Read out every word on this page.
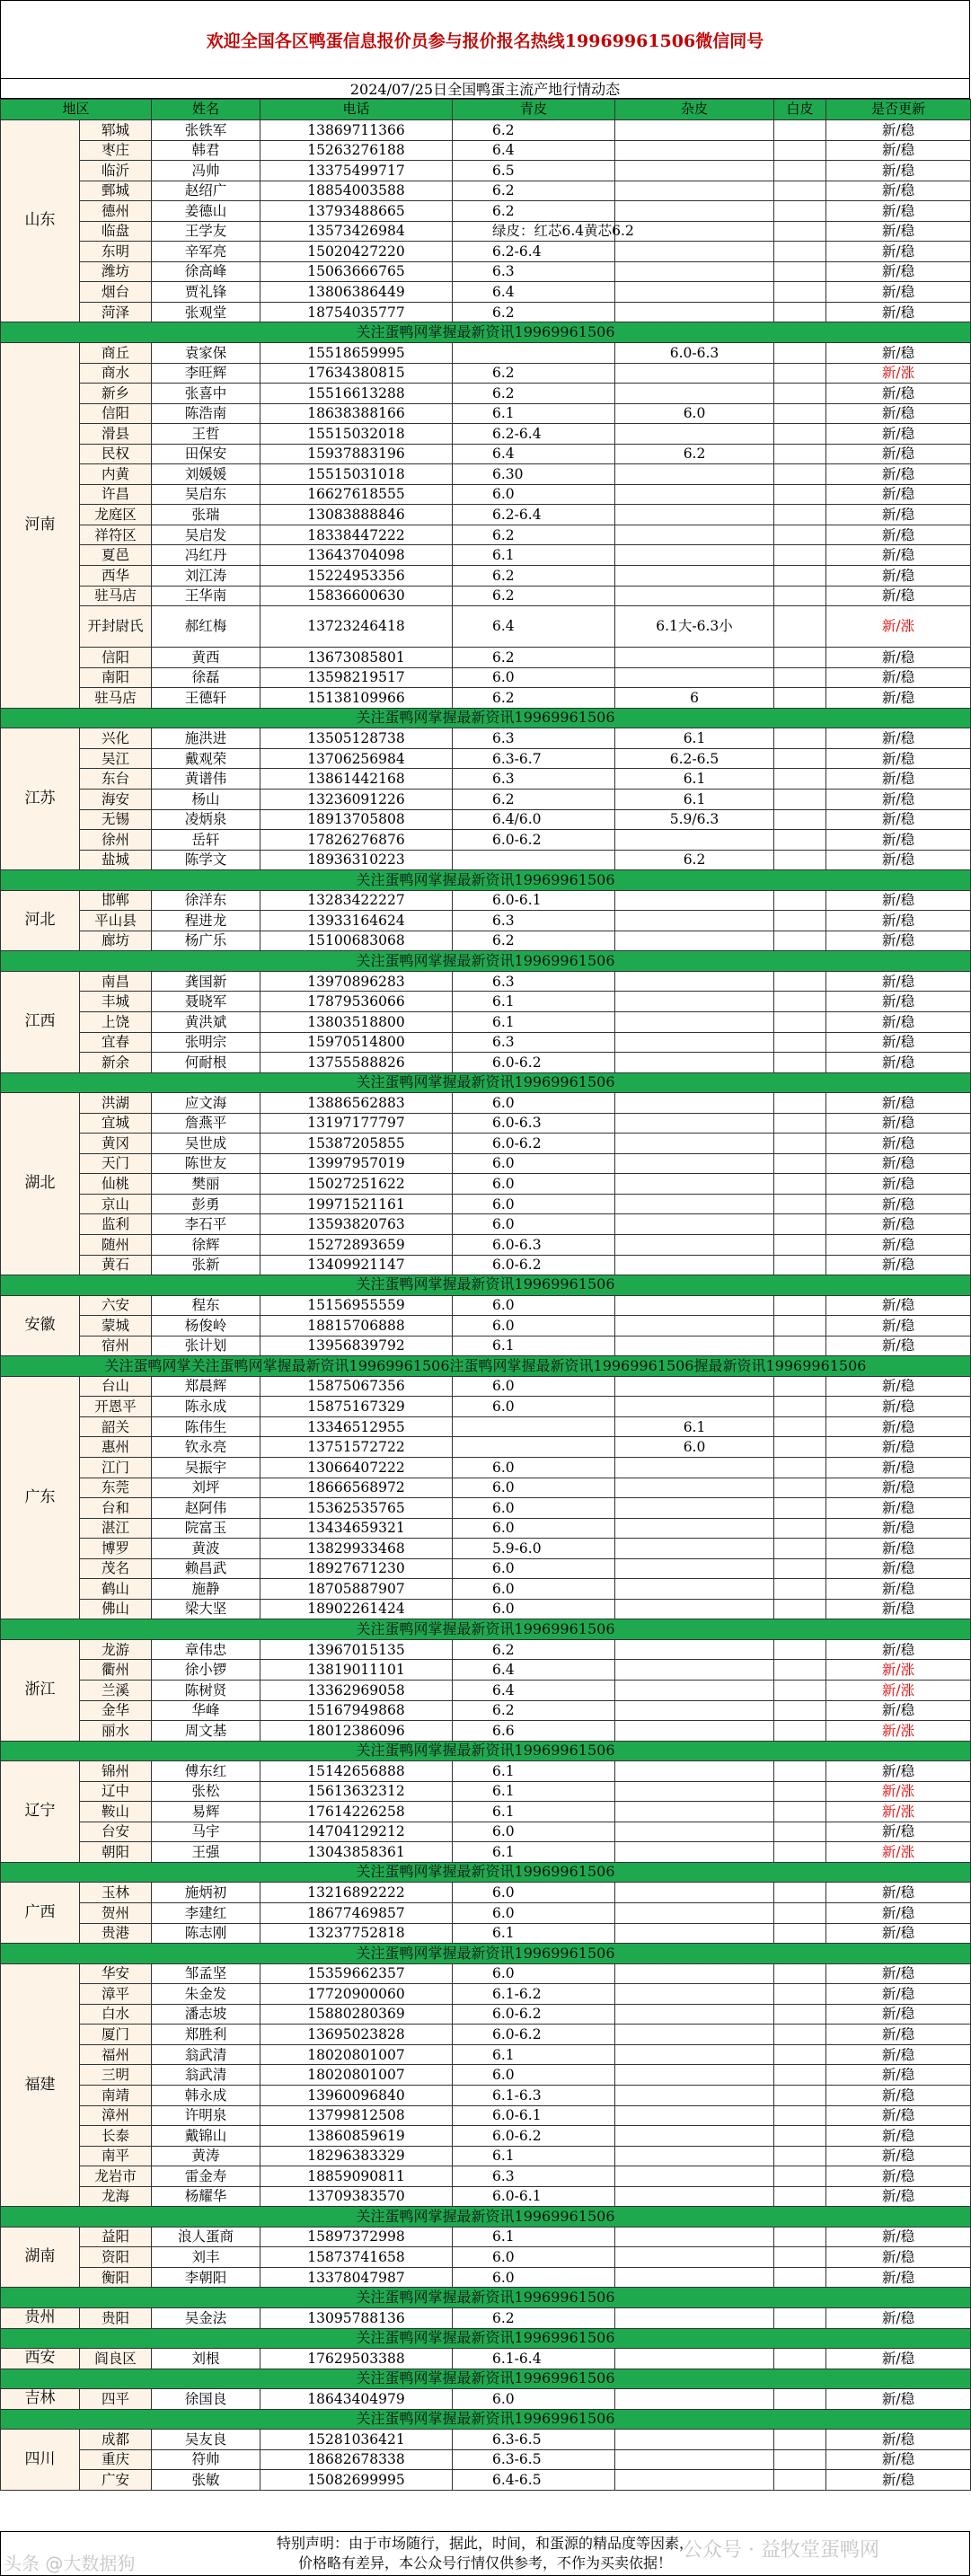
欢迎全国各区鸭蛋信息报价员参与报价报名热线19969961506微信同号
2024/07/25日全国鸭蛋主流产地行情动态
地区		姓名	电话	青皮	杂皮	白皮	是否更新
山东	郓城	张铁军	13869711366	6.2			新/稳
	枣庄	韩君	15263276188	6.4			新/稳
	临沂	冯帅	13375499717	6.5			新/稳
	鄄城	赵绍广	18854003588	6.2			新/稳
	德州	姜德山	13793488665	6.2			新/稳
	临盘	王学友	13573426984	绿皮：红芯6.4黄芯6.2			新/稳
	东明	辛军亮	15020427220	6.2-6.4			新/稳
	潍坊	徐高峰	15063666765	6.3			新/稳
	烟台	贾礼锋	13806386449	6.4			新/稳
	菏泽	张观堂	18754035777	6.2			新/稳
关注蛋鸭网掌握最新资讯19969961506							
河南	商丘	袁家保	15518659995		6.0-6.3		新/稳
	商水	李旺辉	17634380815	6.2			新/涨
	新乡	张喜中	15516613288	6.2			新/稳
	信阳	陈浩南	18638388166	6.1	6.0		新/稳
	滑县	王哲	15515032018	6.2-6.4			新/稳
	民权	田保安	15937883196	6.4	6.2		新/稳
	内黄	刘媛媛	15515031018	6.30			新/稳
	许昌	吴启东	16627618555	6.0			新/稳
	龙庭区	张瑞	13083888846	6.2-6.4			新/稳
	祥符区	吴启发	18338447222	6.2			新/稳
	夏邑	冯红丹	13643704098	6.1			新/稳
	西华	刘江涛	15224953356	6.2			新/稳
	驻马店	王华南	15836600630	6.2			新/稳
	开封尉氏	郝红梅	13723246418	6.4	6.1大-6.3小		新/涨
	信阳	黄西	13673085801	6.2			新/稳
	南阳	徐磊	13598219517	6.0			新/稳
	驻马店	王德轩	15138109966	6.2	6		新/稳
关注蛋鸭网掌握最新资讯19969961506							
江苏	兴化	施洪进	13505128738	6.3	6.1		新/稳
	吴江	戴观荣	13706256984	6.3-6.7	6.2-6.5		新/稳
	东台	黄谱伟	13861442168	6.3	6.1		新/稳
	海安	杨山	13236091226	6.2	6.1		新/稳
	无锡	凌炳泉	18913705808	6.4/6.0	5.9/6.3		新/稳
	徐州	岳轩	17826276876	6.0-6.2			新/稳
	盐城	陈学文	18936310223		6.2		新/稳
关注蛋鸭网掌握最新资讯19969961506							
河北	邯郸	徐洋东	13283422227	6.0-6.1			新/稳
	平山县	程进龙	13933164624	6.3			新/稳
	廊坊	杨广乐	15100683068	6.2			新/稳
关注蛋鸭网掌握最新资讯19969961506							
江西	南昌	龚国新	13970896283	6.3			新/稳
	丰城	聂晓军	17879536066	6.1			新/稳
	上饶	黄洪斌	13803518800	6.1			新/稳
	宜春	张明宗	15970514800	6.3			新/稳
	新余	何耐根	13755588826	6.0-6.2			新/稳
关注蛋鸭网掌握最新资讯19969961506							
湖北	洪湖	应文海	13886562883	6.0			新/稳
	宜城	詹燕平	13197177797	6.0-6.3			新/稳
	黄冈	吴世成	15387205855	6.0-6.2			新/稳
	天门	陈世友	13997957019	6.0			新/稳
	仙桃	樊丽	15027251622	6.0			新/稳
	京山	彭勇	19971521161	6.0			新/稳
	监利	李石平	13593820763	6.0			新/稳
	随州	徐辉	15272893659	6.0-6.3			新/稳
	黄石	张新	13409921147	6.0-6.2			新/稳
关注蛋鸭网掌握最新资讯19969961506							
安徽	六安	程东	15156955559	6.0			新/稳
	蒙城	杨俊岭	18815706888	6.0			新/稳
	宿州	张计划	13956839792	6.1			新/稳
关注蛋鸭网掌关注蛋鸭网掌握最新资讯19969961506注蛋鸭网掌握最新资讯19969961506握最新资讯19969961506							
广东	台山	郑晨辉	15875067356	6.0			新/稳
	开恩平	陈永成	15875167329	6.0			新/稳
	韶关	陈伟生	13346512955		6.1		新/稳
	惠州	钦永亮	13751572722		6.0		新/稳
	江门	吴振宇	13066407222	6.0			新/稳
	东莞	刘坪	18666568972	6.0			新/稳
	台和	赵阿伟	15362535765	6.0			新/稳
	湛江	院富玉	13434659321	6.0			新/稳
	博罗	黄波	13829933468	5.9-6.0			新/稳
	茂名	赖昌武	18927671230	6.0			新/稳
	鹤山	施静	18705887907	6.0			新/稳
	佛山	梁大坚	18902261424	6.0			新/稳
关注蛋鸭网掌握最新资讯19969961506							
浙江	龙游	章伟忠	13967015135	6.2			新/稳
	衢州	徐小锣	13819011101	6.4			新/涨
	兰溪	陈树贤	13362969058	6.4			新/涨
	金华	华峰	15167949868	6.2			新/稳
	丽水	周文基	18012386096	6.6			新/涨
关注蛋鸭网掌握最新资讯19969961506							
辽宁	锦州	傅东红	15142656888	6.1			新/稳
	辽中	张松	15613632312	6.1			新/涨
	鞍山	易辉	17614226258	6.1			新/涨
	台安	马宇	14704129212	6.0			新/稳
	朝阳	王强	13043858361	6.1			新/涨
关注蛋鸭网掌握最新资讯19969961506							
广西	玉林	施炳初	13216892222	6.0			新/稳
	贺州	李建红	18677469857	6.0			新/稳
	贵港	陈志刚	13237752818	6.1			新/稳
关注蛋鸭网掌握最新资讯19969961506							
福建	华安	邹孟坚	15359662357	6.0			新/稳
	漳平	朱金发	17720900060	6.1-6.2			新/稳
	白水	潘志坡	15880280369	6.0-6.2			新/稳
	厦门	郑胜利	13695023828	6.0-6.2			新/稳
	福州	翁武清	18020801007	6.1			新/稳
	三明	翁武清	18020801007	6.0			新/稳
	南靖	韩永成	13960096840	6.1-6.3			新/稳
	漳州	许明泉	13799812508	6.0-6.1			新/稳
	长泰	戴锦山	13860859619	6.0-6.2			新/稳
	南平	黄涛	18296383329	6.1			新/稳
	龙岩市	雷金寿	18859090811	6.3			新/稳
	龙海	杨耀华	13709383570	6.0-6.1			新/稳
关注蛋鸭网掌握最新资讯19969961506							
湖南	益阳	浪人蛋商	15897372998	6.1			新/稳
	资阳	刘丰	15873741658	6.0			新/稳
	衡阳	李朝阳	13378047987	6.0			新/稳
关注蛋鸭网掌握最新资讯19969961506							
贵州	贵阳	吴金法	13095788136	6.2			新/稳
关注蛋鸭网掌握最新资讯19969961506							
西安	阎良区	刘根	17629503388	6.1-6.4			新/稳
关注蛋鸭网掌握最新资讯19969961506							
吉林	四平	徐国良	18643404979	6.0			新/稳
关注蛋鸭网掌握最新资讯19969961506							
四川	成都	吴友良	15281036421	6.3-6.5			新/稳
	重庆	符帅	18682678338	6.3-6.5			新/稳
	广安	张敏	15082699995	6.4-6.5			新/稳
特别声明：由于市场随行，据此，时间，和蛋源的精品度等因素，
价格略有差异，本公众号行情仅供参考，不作为买卖依据！
公众号 · 益牧堂蛋鸭网
头条 @大数据狗
